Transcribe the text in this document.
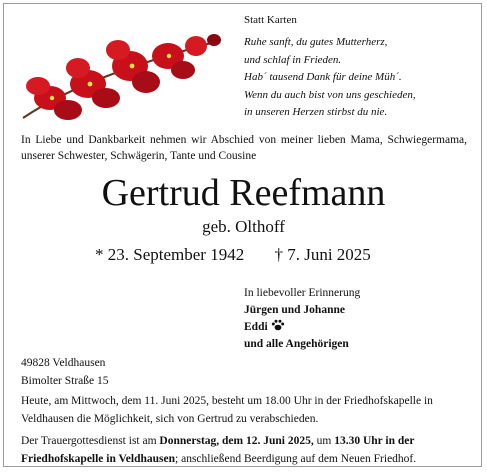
Statt Karten
Ruhe sanft, du gutes Mutterherz,
und schlaf in Frieden.
Hab´ tausend Dank für deine Müh´.
Wenn du auch bist von uns geschieden,
in unseren Herzen stirbst du nie.
In Liebe und Dankbarkeit nehmen wir Abschied von meiner lieben Mama, Schwiegermama, unserer Schwester, Schwägerin, Tante und Cousine
Gertrud Reefmann
geb. Olthoff
* 23. September 1942 † 7. Juni 2025
In liebevoller Erinnerung
Jürgen und Johanne
Eddi
und alle Angehörigen
49828 Veldhausen
Bimolter Straße 15
Heute, am Mittwoch, dem 11. Juni 2025, besteht um 18.00 Uhr in der Friedhofskapelle in Veldhausen die Möglichkeit, sich von Gertrud zu verabschieden.
Der Trauergottesdienst ist am Donnerstag, dem 12. Juni 2025, um 13.30 Uhr in der Friedhofskapelle in Veldhausen; anschließend Beerdigung auf dem Neuen Friedhof.
